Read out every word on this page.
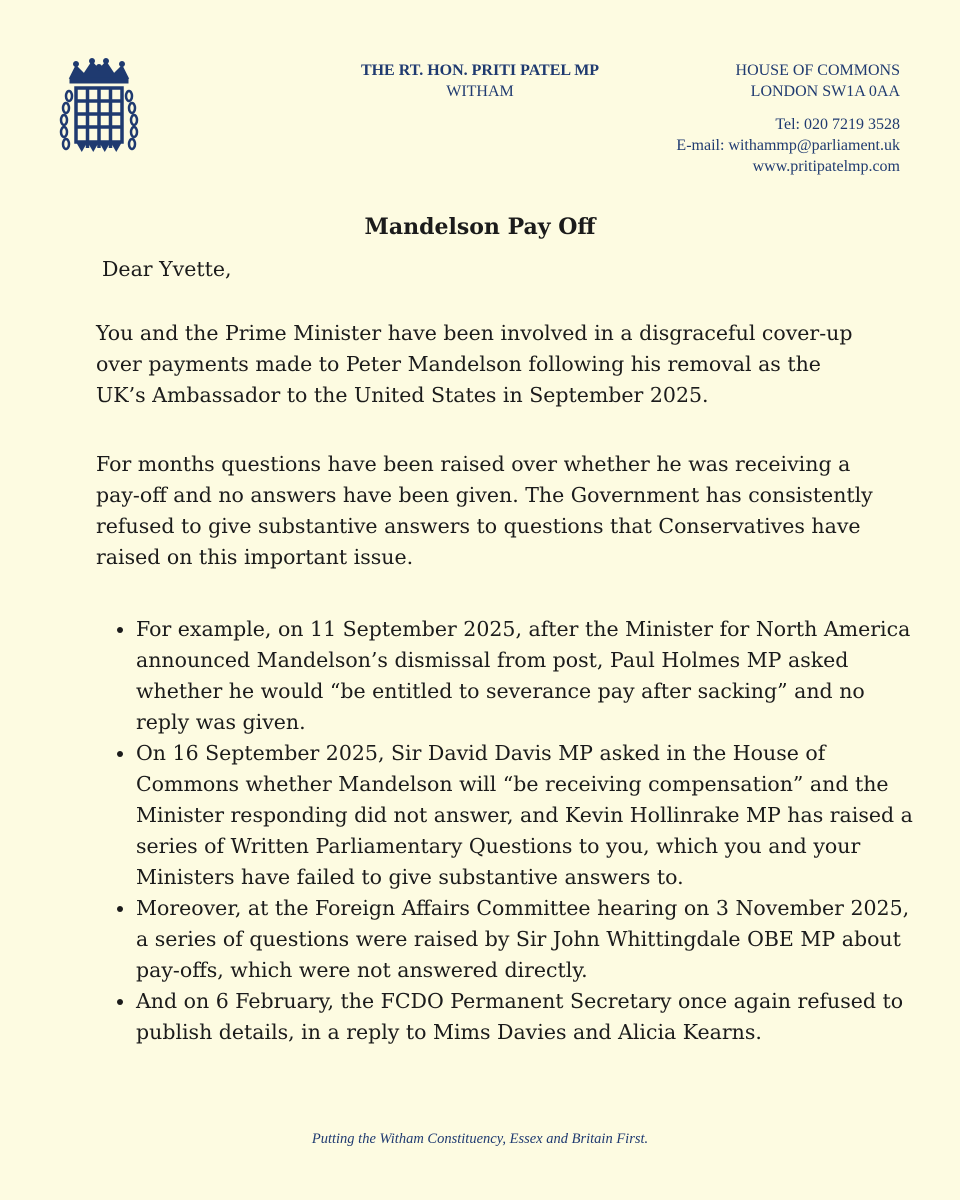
THE RT. HON. PRITI PATEL MP
WITHAM
HOUSE OF COMMONS
LONDON SW1A 0AA
Tel: 020 7219 3528
E-mail: withammp@parliament.uk
www.pritipatelmp.com
Mandelson Pay Off
Dear Yvette,
You and the Prime Minister have been involved in a disgraceful cover-up over payments made to Peter Mandelson following his removal as the UK’s Ambassador to the United States in September 2025.
For months questions have been raised over whether he was receiving a pay-off and no answers have been given. The Government has consistently refused to give substantive answers to questions that Conservatives have raised on this important issue.
• For example, on 11 September 2025, after the Minister for North America announced Mandelson’s dismissal from post, Paul Holmes MP asked whether he would “be entitled to severance pay after sacking” and no reply was given.
• On 16 September 2025, Sir David Davis MP asked in the House of Commons whether Mandelson will “be receiving compensation” and the Minister responding did not answer, and Kevin Hollinrake MP has raised a series of Written Parliamentary Questions to you, which you and your Ministers have failed to give substantive answers to.
• Moreover, at the Foreign Affairs Committee hearing on 3 November 2025, a series of questions were raised by Sir John Whittingdale OBE MP about pay-offs, which were not answered directly.
• And on 6 February, the FCDO Permanent Secretary once again refused to publish details, in a reply to Mims Davies and Alicia Kearns.
Putting the Witham Constituency, Essex and Britain First.
